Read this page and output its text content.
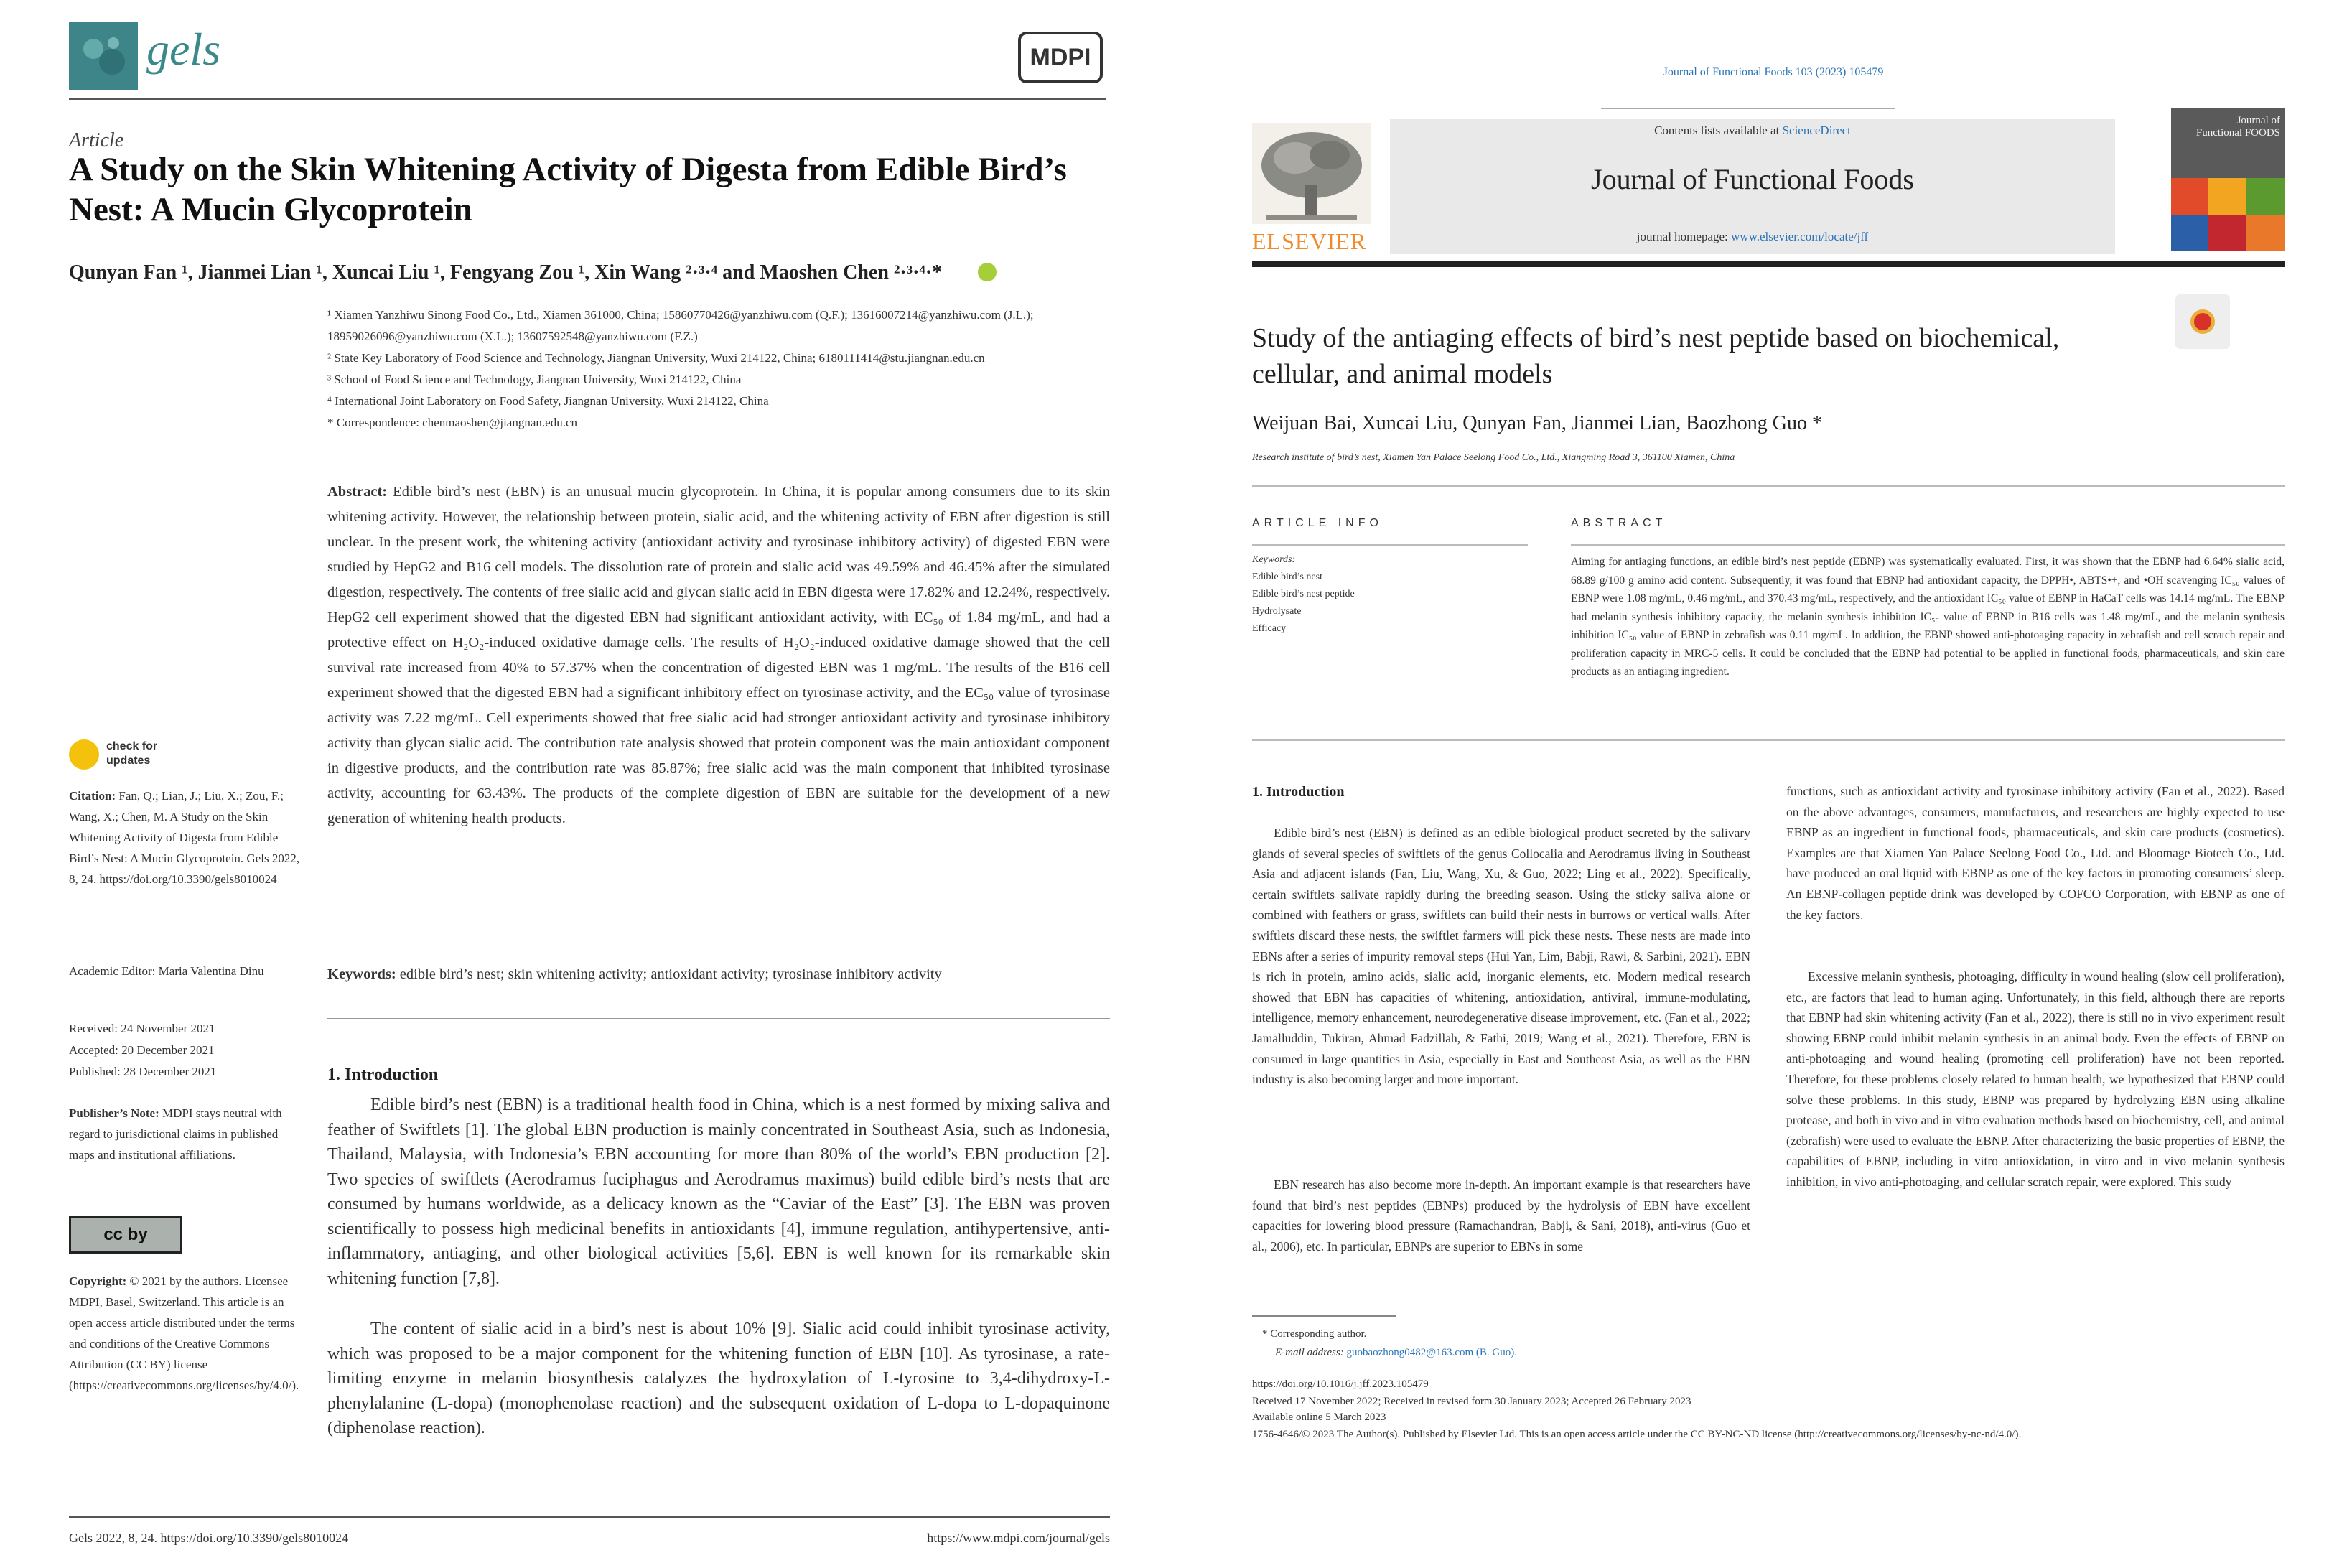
gels	MDPI
Article
A Study on the Skin Whitening Activity of Digesta from Edible Bird’s Nest: A Mucin Glycoprotein
Qunyan Fan ¹, Jianmei Lian ¹, Xuncai Liu ¹, Fengyang Zou ¹, Xin Wang ²·³·⁴ and Maoshen Chen ²·³·⁴·*

¹ Xiamen Yanzhiwu Sinong Food Co., Ltd., Xiamen 361000, China; 15860770426@yanzhiwu.com (Q.F.); 13616007214@yanzhiwu.com (J.L.); 18959026096@yanzhiwu.com (X.L.); 13607592548@yanzhiwu.com (F.Z.)

² State Key Laboratory of Food Science and Technology, Jiangnan University, Wuxi 214122, China; 6180111414@stu.jiangnan.edu.cn

³ School of Food Science and Technology, Jiangnan University, Wuxi 214122, China

⁴ International Joint Laboratory on Food Safety, Jiangnan University, Wuxi 214122, China

* Correspondence: chenmaoshen@jiangnan.edu.cn

Abstract: Edible bird’s nest (EBN) is an unusual mucin glycoprotein. In China, it is popular among consumers due to its skin whitening activity. However, the relationship between protein, sialic acid, and the whitening activity of EBN after digestion is still unclear. In the present work, the whitening activity (antioxidant activity and tyrosinase inhibitory activity) of digested EBN were studied by HepG2 and B16 cell models. The dissolution rate of protein and sialic acid was 49.59% and 46.45% after the simulated digestion, respectively. The contents of free sialic acid and glycan sialic acid in EBN digesta were 17.82% and 12.24%, respectively. HepG2 cell experiment showed that the digested EBN had significant antioxidant activity, with EC₅₀ of 1.84 mg/mL, and had a protective effect on H₂O₂-induced oxidative damage cells. The results of H₂O₂-induced oxidative damage showed that the cell survival rate increased from 40% to 57.37% when the concentration of digested EBN was 1 mg/mL. The results of the B16 cell experiment showed that the digested EBN had a significant inhibitory effect on tyrosinase activity, and the EC₅₀ value of tyrosinase activity was 7.22 mg/mL. Cell experiments showed that free sialic acid had stronger antioxidant activity and tyrosinase inhibitory activity than glycan sialic acid. The contribution rate analysis showed that protein component was the main antioxidant component in digestive products, and the contribution rate was 85.87%; free sialic acid was the main component that inhibited tyrosinase activity, accounting for 63.43%. The products of the complete digestion of EBN are suitable for the development of a new generation of whitening health products.
Keywords: edible bird’s nest; skin whitening activity; antioxidant activity; tyrosinase inhibitory activity
check for updates
Citation: Fan, Q.; Lian, J.; Liu, X.; Zou, F.; Wang, X.; Chen, M. A Study on the Skin Whitening Activity of Digesta from Edible Bird’s Nest: A Mucin Glycoprotein. Gels 2022, 8, 24. https://doi.org/10.3390/gels8010024
Academic Editor: Maria Valentina Dinu
Received: 24 November 2021
Accepted: 20 December 2021
Published: 28 December 2021
Publisher’s Note: MDPI stays neutral with regard to jurisdictional claims in published maps and institutional affiliations.
cc by
Copyright: © 2021 by the authors. Licensee MDPI, Basel, Switzerland. This article is an open access article distributed under the terms and conditions of the Creative Commons Attribution (CC BY) license (https://creativecommons.org/licenses/by/4.0/).
1. Introduction
Edible bird’s nest (EBN) is a traditional health food in China, which is a nest formed by mixing saliva and feather of Swiftlets [1]. The global EBN production is mainly concentrated in Southeast Asia, such as Indonesia, Thailand, Malaysia, with Indonesia’s EBN accounting for more than 80% of the world’s EBN production [2]. Two species of swiftlets (Aerodramus fuciphagus and Aerodramus maximus) build edible bird’s nests that are consumed by humans worldwide, as a delicacy known as the “Caviar of the East” [3]. The EBN was proven scientifically to possess high medicinal benefits in antioxidants [4], immune regulation, antihypertensive, anti-inflammatory, antiaging, and other biological activities [5,6]. EBN is well known for its remarkable skin whitening function [7,8].
The content of sialic acid in a bird’s nest is about 10% [9]. Sialic acid could inhibit tyrosinase activity, which was proposed to be a major component for the whitening function of EBN [10]. As tyrosinase, a rate-limiting enzyme in melanin biosynthesis catalyzes the hydroxylation of L-tyrosine to 3,4-dihydroxy-L-phenylalanine (L-dopa) (monophenolase reaction) and the subsequent oxidation of L-dopa to L-dopaquinone (diphenolase reaction).
Gels 2022, 8, 24. https://doi.org/10.3390/gels8010024	https://www.mdpi.com/journal/gels
Journal of Functional Foods 103 (2023) 105479
ELSEVIER
Contents lists available at ScienceDirect
Journal of Functional Foods
journal homepage: www.elsevier.com/locate/jff
Journal of Functional FOODS
Study of the antiaging effects of bird’s nest peptide based on biochemical, cellular, and animal models
Weijuan Bai, Xuncai Liu, Qunyan Fan, Jianmei Lian, Baozhong Guo *
Research institute of bird’s nest, Xiamen Yan Palace Seelong Food Co., Ltd., Xiangming Road 3, 361100 Xiamen, China
ARTICLE INFO

Keywords:

Edible bird’s nest

Edible bird’s nest peptide

Hydrolysate

Efficacy

ABSTRACT
Aiming for antiaging functions, an edible bird’s nest peptide (EBNP) was systematically evaluated. First, it was shown that the EBNP had 6.64% sialic acid, 68.89 g/100 g amino acid content. Subsequently, it was found that EBNP had antioxidant capacity, the DPPH•, ABTS•+, and •OH scavenging IC₅₀ values of EBNP were 1.08 mg/mL, 0.46 mg/mL, and 370.43 mg/mL, respectively, and the antioxidant IC₅₀ value of EBNP in HaCaT cells was 14.14 mg/mL. The EBNP had melanin synthesis inhibitory capacity, the melanin synthesis inhibition IC₅₀ value of EBNP in B16 cells was 1.48 mg/mL, and the melanin synthesis inhibition IC₅₀ value of EBNP in zebrafish was 0.11 mg/mL. In addition, the EBNP showed anti-photoaging capacity in zebrafish and cell scratch repair and proliferation capacity in MRC-5 cells. It could be concluded that the EBNP had potential to be applied in functional foods, pharmaceuticals, and skin care products as an antiaging ingredient.
1. Introduction
Edible bird’s nest (EBN) is defined as an edible biological product secreted by the salivary glands of several species of swiftlets of the genus Collocalia and Aerodramus living in Southeast Asia and adjacent islands (Fan, Liu, Wang, Xu, & Guo, 2022; Ling et al., 2022). Specifically, certain swiftlets salivate rapidly during the breeding season. Using the sticky saliva alone or combined with feathers or grass, swiftlets can build their nests in burrows or vertical walls. After swiftlets discard these nests, the swiftlet farmers will pick these nests. These nests are made into EBNs after a series of impurity removal steps (Hui Yan, Lim, Babji, Rawi, & Sarbini, 2021). EBN is rich in protein, amino acids, sialic acid, inorganic elements, etc. Modern medical research showed that EBN has capacities of whitening, antioxidation, antiviral, immune-modulating, intelligence, memory enhancement, neurodegenerative disease improvement, etc. (Fan et al., 2022; Jamalluddin, Tukiran, Ahmad Fadzillah, & Fathi, 2019; Wang et al., 2021). Therefore, EBN is consumed in large quantities in Asia, especially in East and Southeast Asia, as well as the EBN industry is also becoming larger and more important.
EBN research has also become more in-depth. An important example is that researchers have found that bird’s nest peptides (EBNPs) produced by the hydrolysis of EBN have excellent capacities for lowering blood pressure (Ramachandran, Babji, & Sani, 2018), anti-virus (Guo et al., 2006), etc. In particular, EBNPs are superior to EBNs in some
functions, such as antioxidant activity and tyrosinase inhibitory activity (Fan et al., 2022). Based on the above advantages, consumers, manufacturers, and researchers are highly expected to use EBNP as an ingredient in functional foods, pharmaceuticals, and skin care products (cosmetics). Examples are that Xiamen Yan Palace Seelong Food Co., Ltd. and Bloomage Biotech Co., Ltd. have produced an oral liquid with EBNP as one of the key factors in promoting consumers’ sleep. An EBNP-collagen peptide drink was developed by COFCO Corporation, with EBNP as one of the key factors.
Excessive melanin synthesis, photoaging, difficulty in wound healing (slow cell proliferation), etc., are factors that lead to human aging. Unfortunately, in this field, although there are reports that EBNP had skin whitening activity (Fan et al., 2022), there is still no in vivo experiment result showing EBNP could inhibit melanin synthesis in an animal body. Even the effects of EBNP on anti-photoaging and wound healing (promoting cell proliferation) have not been reported. Therefore, for these problems closely related to human health, we hypothesized that EBNP could solve these problems. In this study, EBNP was prepared by hydrolyzing EBN using alkaline protease, and both in vivo and in vitro evaluation methods based on biochemistry, cell, and animal (zebrafish) were used to evaluate the EBNP. After characterizing the basic properties of EBNP, the capabilities of EBNP, including in vitro antioxidation, in vitro and in vivo melanin synthesis inhibition, in vivo anti-photoaging, and cellular scratch repair, were explored. This study
* Corresponding author.
E-mail address: guobaozhong0482@163.com (B. Guo).
https://doi.org/10.1016/j.jff.2023.105479
Received 17 November 2022; Received in revised form 30 January 2023; Accepted 26 February 2023
Available online 5 March 2023
1756-4646/© 2023 The Author(s). Published by Elsevier Ltd. This is an open access article under the CC BY-NC-ND license (http://creativecommons.org/licenses/by-nc-nd/4.0/).
